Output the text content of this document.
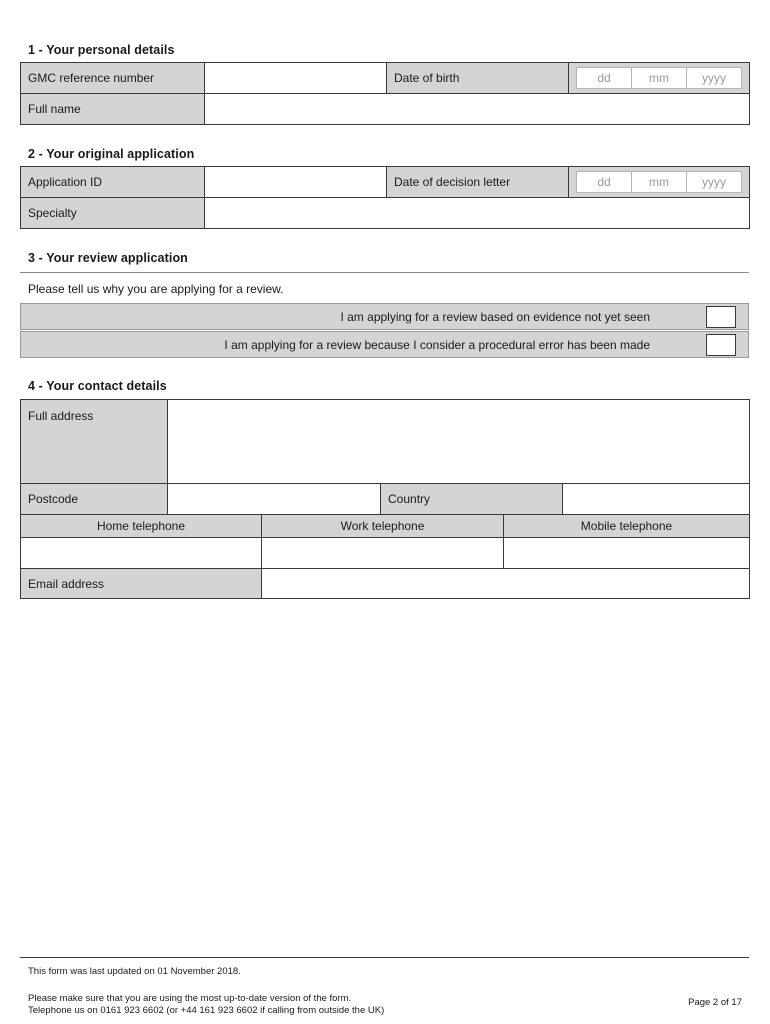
1 - Your personal details
GMC reference number		Date of birth	dd mm yyyy

Full name			
2 - Your original application
Application ID		Date of decision letter	dd mm yyyy

Specialty			
3 - Your review application
Please tell us why you are applying for a review.
I am applying for a review based on evidence not yet seen
I am applying for a review because I consider a procedural error has been made
4 - Your contact details
Full address			
Postcode		Country	
Home telephone	Work telephone	Mobile telephone

Email address	
This form was last updated on 01 November 2018.
Please make sure that you are using the most up-to-date version of the form.
Telephone us on 0161 923 6602 (or +44 161 923 6602 if calling from outside the UK)
Page 2 of 17
